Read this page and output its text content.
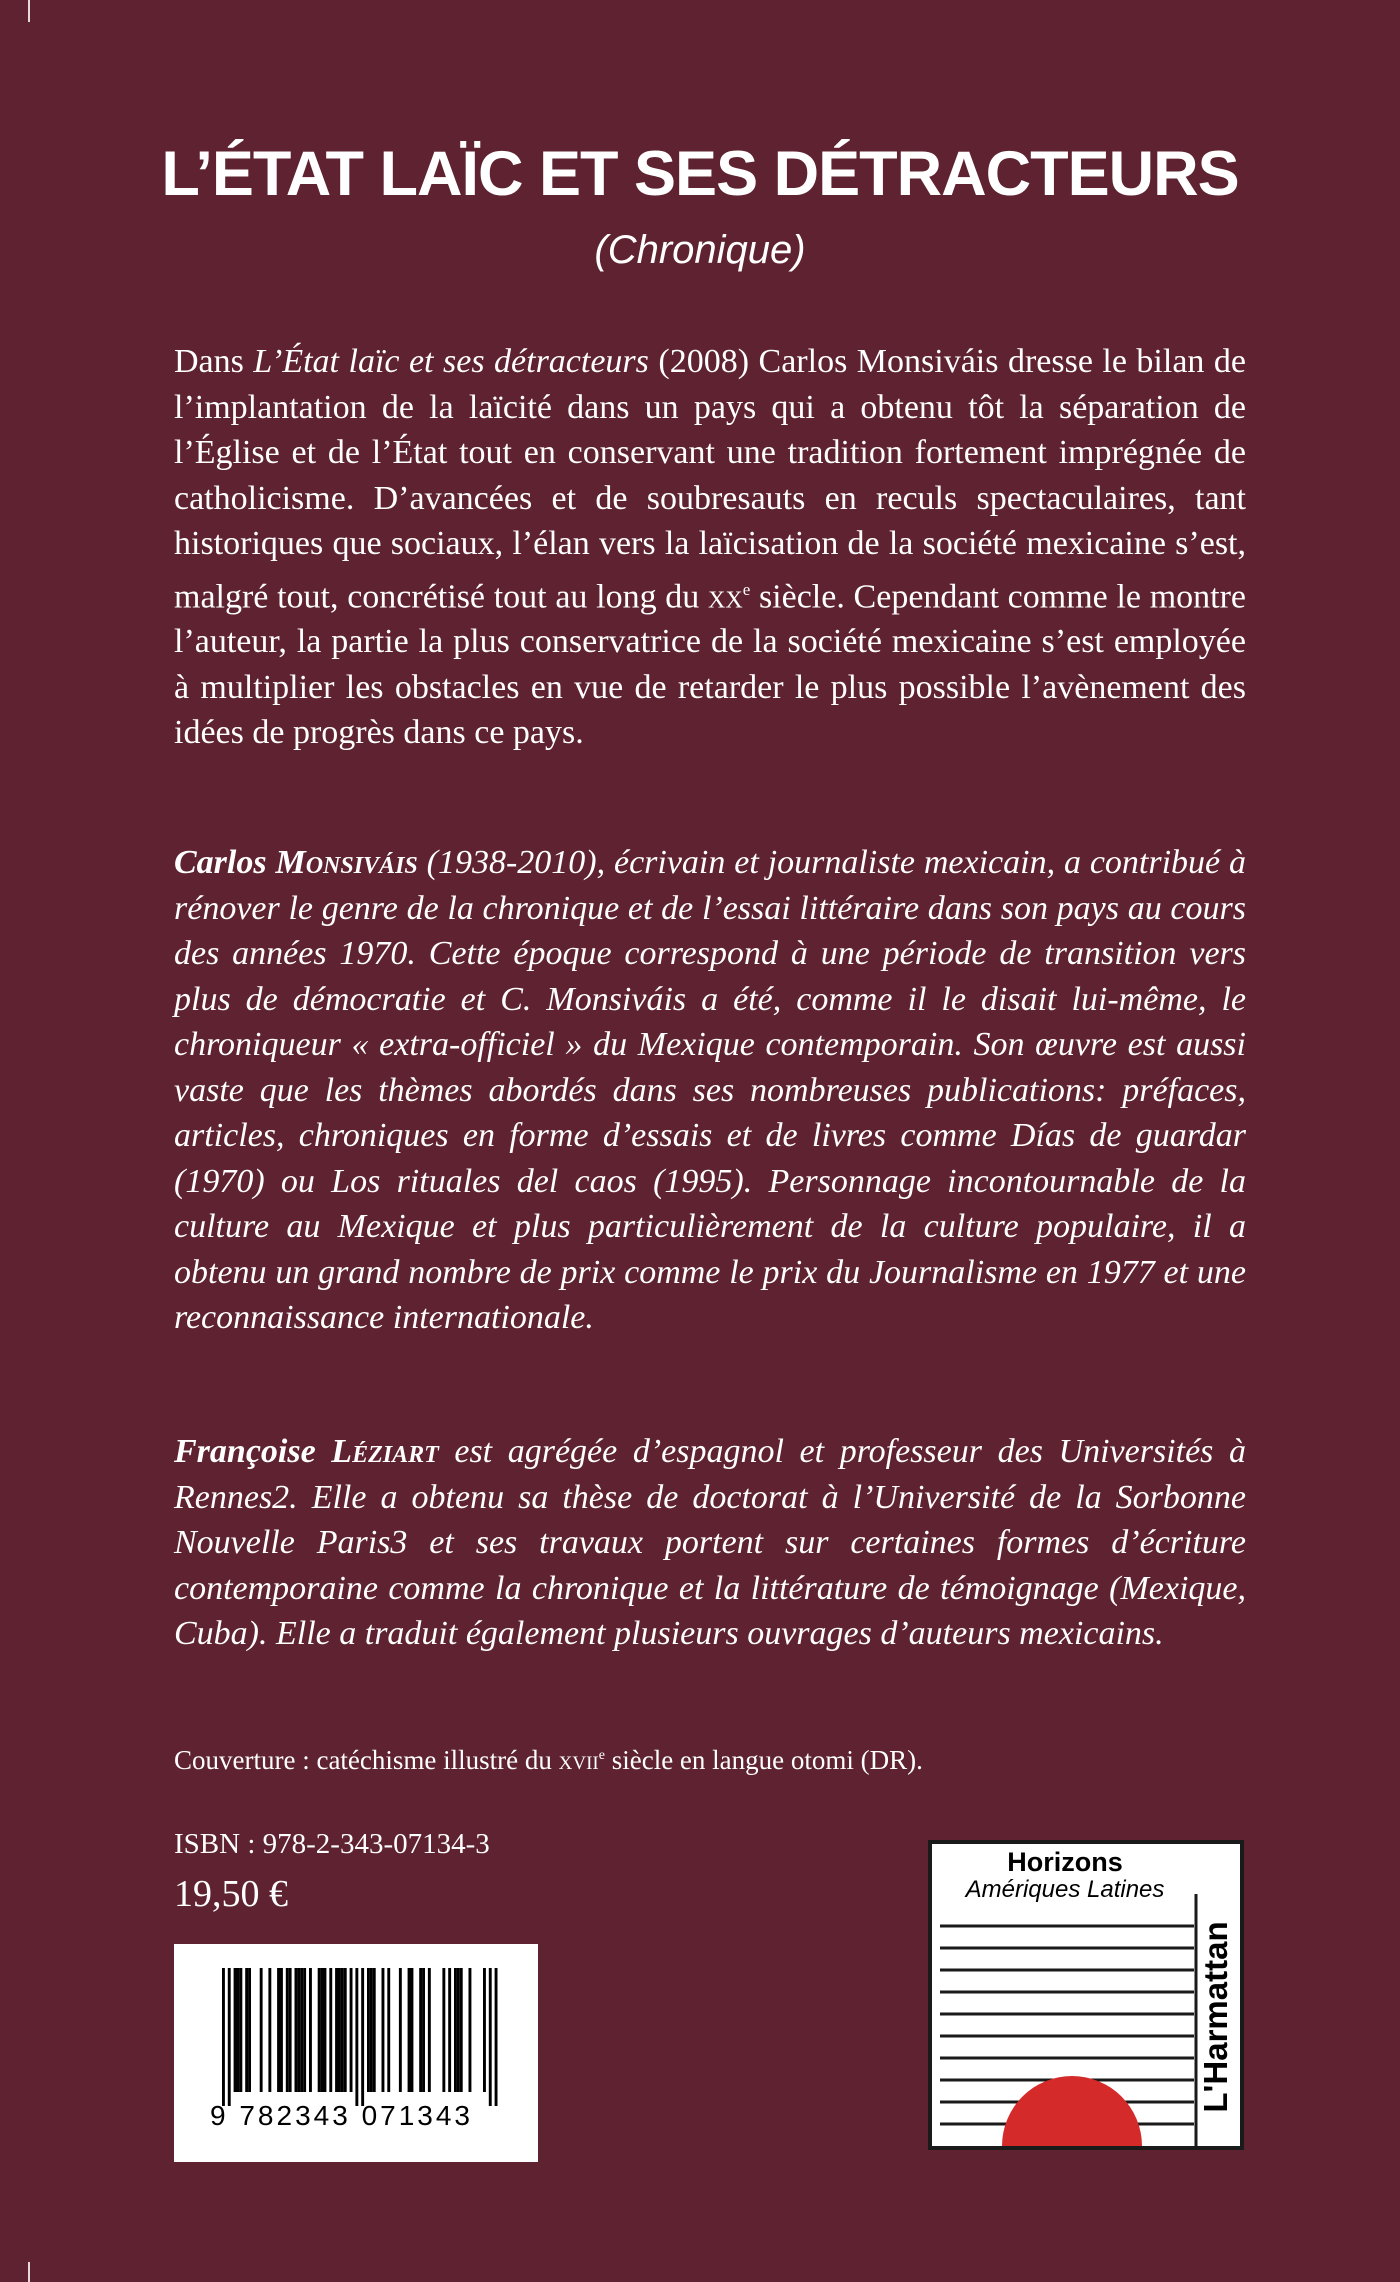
L’ÉTAT LAÏC ET SES DÉTRACTEURS
(Chronique)

Dans L’État laïc et ses détracteurs (2008) Carlos Monsiváis dresse le bilan de l’implantation de la laïcité dans un pays qui a obtenu tôt la séparation de l’Église et de l’État tout en conservant une tradition fortement imprégnée de catholicisme. D’avancées et de soubresauts en reculs spectaculaires, tant historiques que sociaux, l’élan vers la laïcisation de la société mexicaine s’est, malgré tout, concrétisé tout au long du $xx^e$ siècle. Cependant comme le montre l’auteur, la partie la plus conservatrice de la société mexicaine s’est employée à multiplier les obstacles en vue de retarder le plus possible l’avènement des idées de progrès dans ce pays.

Carlos Monsiváis (1938-2010), écrivain et journaliste mexicain, a contribué à rénover le genre de la chronique et de l’essai littéraire dans son pays au cours des années 1970. Cette époque correspond à une période de transition vers plus de démocratie et C. Monsiváis a été, comme il le disait lui-même, le chroniqueur « extra-officiel » du Mexique contemporain. Son œuvre est aussi vaste que les thèmes abordés dans ses nombreuses publications: préfaces, articles, chroniques en forme d’essais et de livres comme Días de guardar (1970) ou Los rituales del caos (1995). Personnage incontournable de la culture au Mexique et plus particulièrement de la culture populaire, il a obtenu un grand nombre de prix comme le prix du Journalisme en 1977 et une reconnaissance internationale.

Françoise Léziart est agrégée d’espagnol et professeur des Universités à Rennes2. Elle a obtenu sa thèse de doctorat à l’Université de la Sorbonne Nouvelle Paris3 et ses travaux portent sur certaines formes d’écriture contemporaine comme la chronique et la littérature de témoignage (Mexique, Cuba). Elle a traduit également plusieurs ouvrages d’auteurs mexicains.

Couverture : catéchisme illustré du xvii$^e$ siècle en langue otomi (DR).
ISBN : 978-2-343-07134-3
19,50 €
9 782343 071343
Horizons
Amériques Latines
L'Harmattan
